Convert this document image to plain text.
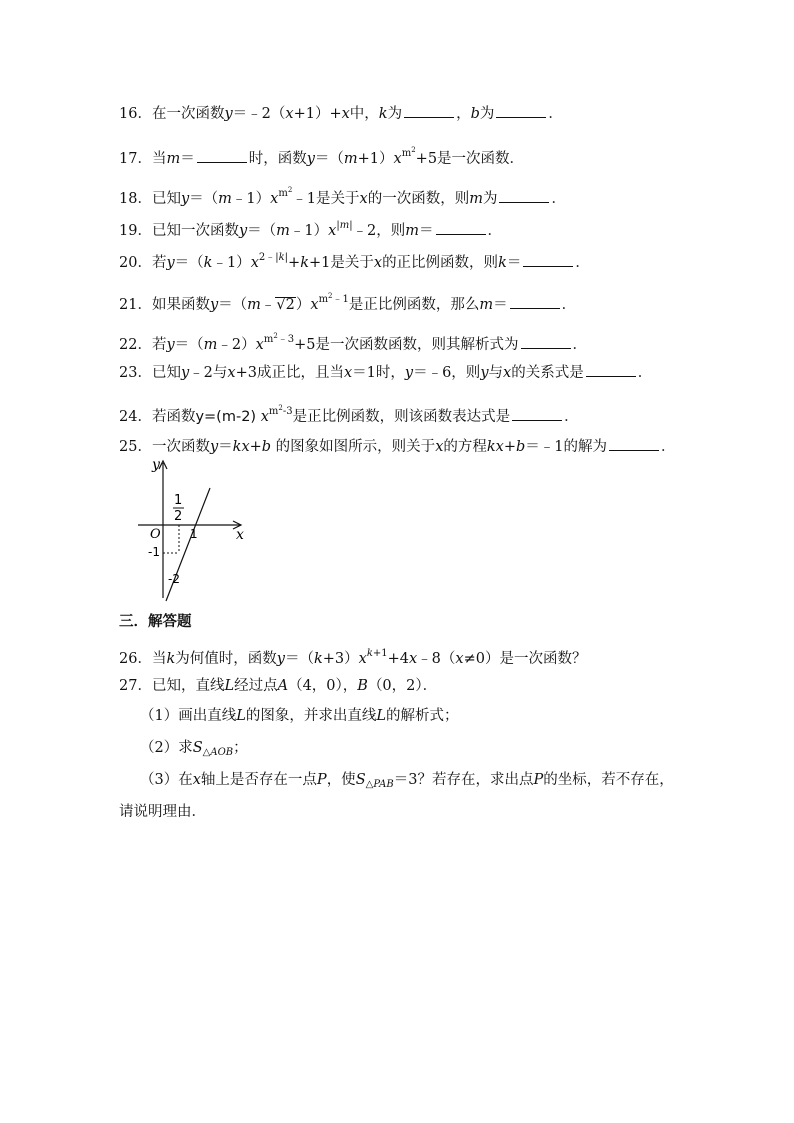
16．在一次函数y＝﹣2（x+1）+x中，k为	，b为	．
17．当m＝	时，函数$y=(m+1)x^{m^2}+5$是一次函数．
18．已知$y=(m﹣1)x^{m^2}﹣1$是关于x的一次函数，则m为	．
19．已知一次函数$y=(m﹣1)x^{|m|}﹣2$，则m＝	．
20．若$y=(k﹣1)x^{2﹣|k|}+k+1$是关于x的正比例函数，则k＝	．
21．如果函数$y=(m﹣√2)x^{m^2﹣1}$是正比例函数，那么m＝	．
22．若$y=(m﹣2)x^{m^2﹣3}+5$是一次函数函数，则其解析式为	．
23．已知y﹣2与x+3成正比，且当x＝1时，y＝﹣6，则y与x的关系式是	．
24．若函数y=(m-2) $x^{m^2-3}$是正比例函数，则该函数表达式是	．
25．一次函数y＝kx+b 的图象如图所示，则关于x的方程kx+b＝﹣1的解为	．
1
2
y
x
O 1
-1
-2
三．解答题
26．当k为何值时，函数$y=(k+3)x^{k+1}+4x﹣8(x\ne 0)$是一次函数？
27．已知，直线L经过点A（4，0），B（0，2）．
（1）画出直线L的图象，并求出直线L的解析式；
（2）求$S_{\triangle AOB}$；
（3）在x轴上是否存在一点P，使$S_{\triangle PAB}=3$？若存在，求出点P的坐标，若不存在，
请说明理由．
